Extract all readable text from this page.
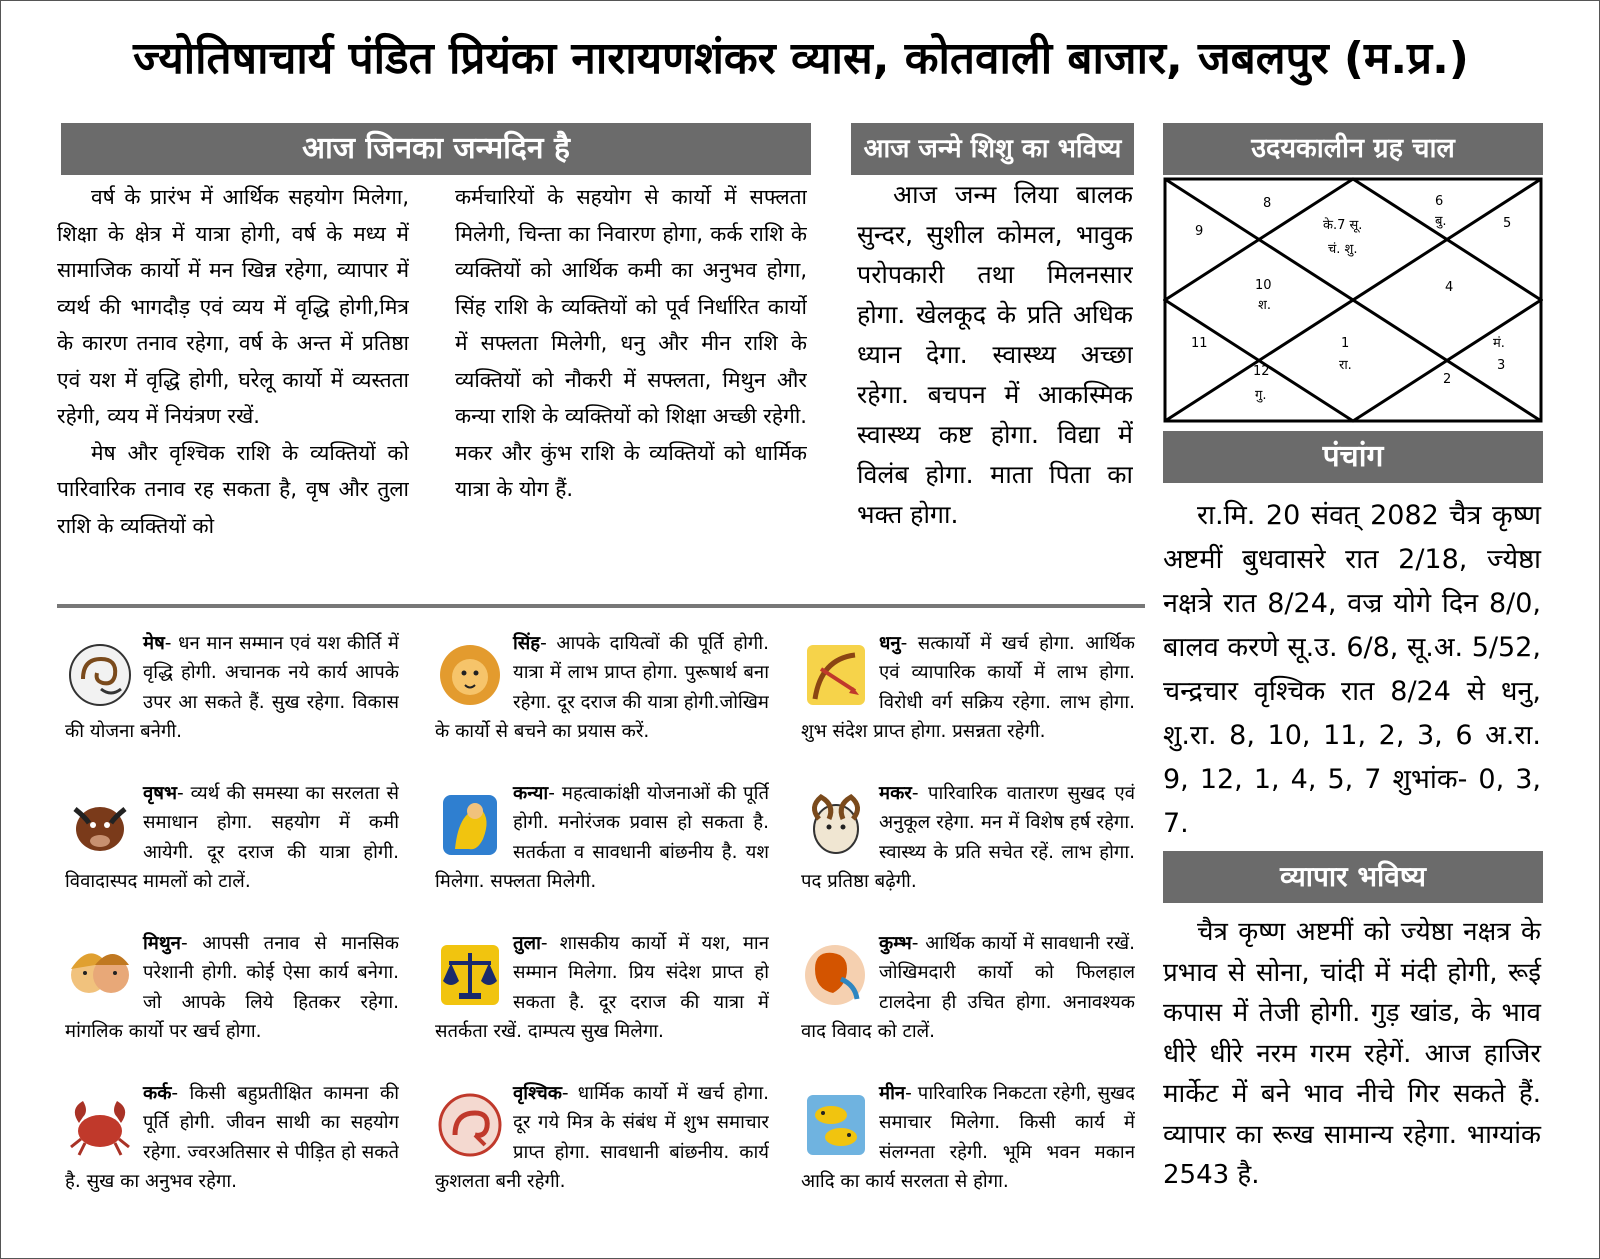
ज्योतिषाचार्य पंडित प्रियंका नारायणशंकर व्यास, कोतवाली बाजार, जबलपुर (म.प्र.)
आज जिनका जन्मदिन है

वर्ष के प्रारंभ में आर्थिक सहयोग मिलेगा, शिक्षा के क्षेत्र में यात्रा होगी, वर्ष के मध्य में सामाजिक कार्यो में मन खिन्न रहेगा, व्यापार में व्यर्थ की भागदौड़ एवं व्यय में वृद्धि होगी,मित्र के कारण तनाव रहेगा, वर्ष के अन्त में प्रतिष्ठा एवं यश में वृद्धि होगी, घरेलू कार्यो में व्यस्तता रहेगी, व्यय में नियंत्रण रखें.

मेष और वृश्चिक राशि के व्यक्तियों को पारिवारिक तनाव रह सकता है, वृष और तुला राशि के व्यक्तियों को

कर्मचारियों के सहयोग से कार्यो में सफ्लता मिलेगी, चिन्ता का निवारण होगा, कर्क राशि के व्यक्तियों को आर्थिक कमी का अनुभव होगा, सिंह राशि के व्यक्तियों को पूर्व निर्धारित कार्यो में सफ्लता मिलेगी, धनु और मीन राशि के व्यक्तियों को नौकरी में सफ्लता, मिथुन और कन्या राशि के व्यक्तियों को शिक्षा अच्छी रहेगी. मकर और कुंभ राशि के व्यक्तियों को धार्मिक यात्रा के योग हैं.

आज जन्मे शिशु का भविष्य

आज जन्म लिया बालक सुन्दर, सुशील कोमल, भावुक परोपकारी तथा मिलनसार होगा. खेलकूद के प्रति अधिक ध्यान देगा. स्वास्थ्य अच्छा रहेगा. बचपन में आकस्मिक स्वास्थ्य कष्ट होगा. विद्या में विलंब होगा. माता पिता का भक्त होगा.

उदयकालीन ग्रह चाल
8
के.7 सू.
चं. शु.
6
बु.
9
5
10
श.
4
11	1
रा.
मं.
3
12
गु.
2
पंचांग

रा.मि. 20 संवत् 2082 चैत्र कृष्ण अष्टमीं बुधवासरे रात 2/18, ज्येष्ठा नक्षत्रे रात 8/24, वज्र योगे दिन 8/0, बालव करणे सू.उ. 6/8, सू.अ. 5/52, चन्द्रचार वृश्चिक रात 8/24 से धनु, शु.रा. 8, 10, 11, 2, 3, 6 अ.रा. 9, 12, 1, 4, 5, 7 शुभांक- 0, 3, 7.

व्यापार भविष्य

चैत्र कृष्ण अष्टमीं को ज्येष्ठा नक्षत्र के प्रभाव से सोना, चांदी में मंदी होगी, रूई कपास में तेजी होगी. गुड़ खांड, के भाव धीरे धीरे नरम गरम रहेगें. आज हाजिर मार्केट में बने भाव नीचे गिर सकते हैं. व्यापार का रूख सामान्य रहेगा. भाग्यांक 2543 है.

मेष
- धन मान सम्मान एवं यश कीर्ति में वृद्धि होगी. अचानक नये कार्य आपके उपर आ सकते हैं. सुख रहेगा. विकास की योजना बनेगी.
वृषभ
- व्यर्थ की समस्या का सरलता से समाधान होगा. सहयोग में कमी आयेगी. दूर दराज की यात्रा होगी. विवादास्पद मामलों को टालें.
मिथुन
- आपसी तनाव से मानसिक परेशानी होगी. कोई ऐसा कार्य बनेगा. जो आपके लिये हितकर रहेगा. मांगलिक कार्यो पर खर्च होगा.
कर्क
- किसी बहुप्रतीक्षित कामना की पूर्ति होगी. जीवन साथी का सहयोग रहेगा. ज्वरअतिसार से पीड़ित हो सकते है. सुख का अनुभव रहेगा.
सिंह
- आपके दायित्वों की पूर्ति होगी. यात्रा में लाभ प्राप्त होगा. पुरूषार्थ बना रहेगा. दूर दराज की यात्रा होगी.जोखिम के कार्यो से बचने का प्रयास करें.
कन्या
- महत्वाकांक्षी योजनाओं की पूर्ति होगी. मनोरंजक प्रवास हो सकता है. सतर्कता व सावधानी बांछनीय है. यश मिलेगा. सफ्लता मिलेगी.
तुला
- शासकीय कार्यो में यश, मान सम्मान मिलेगा. प्रिय संदेश प्राप्त हो सकता है. दूर दराज की यात्रा में सतर्कता रखें. दाम्पत्य सुख मिलेगा.
वृश्चिक
- धार्मिक कार्यो में खर्च होगा. दूर गये मित्र के संबंध में शुभ समाचार प्राप्त होगा. सावधानी बांछनीय. कार्य कुशलता बनी रहेगी.
धनु
- सत्कार्यो में खर्च होगा. आर्थिक एवं व्यापारिक कार्यो में लाभ होगा. विरोधी वर्ग सक्रिय रहेगा. लाभ होगा. शुभ संदेश प्राप्त होगा. प्रसन्नता रहेगी.
मकर
- पारिवारिक वातारण सुखद एवं अनुकूल रहेगा. मन में विशेष हर्ष रहेगा. स्वास्थ्य के प्रति सचेत रहें. लाभ होगा. पद प्रतिष्ठा बढ़ेगी.
कुम्भ
- आर्थिक कार्यो में सावधानी रखें. जोखिमदारी कार्यो को फिलहाल टालदेना ही उचित होगा. अनावश्यक वाद विवाद को टालें.
मीन
- पारिवारिक निकटता रहेगी, सुखद समाचार मिलेगा. किसी कार्य में संलग्नता रहेगी. भूमि भवन मकान आदि का कार्य सरलता से होगा.
